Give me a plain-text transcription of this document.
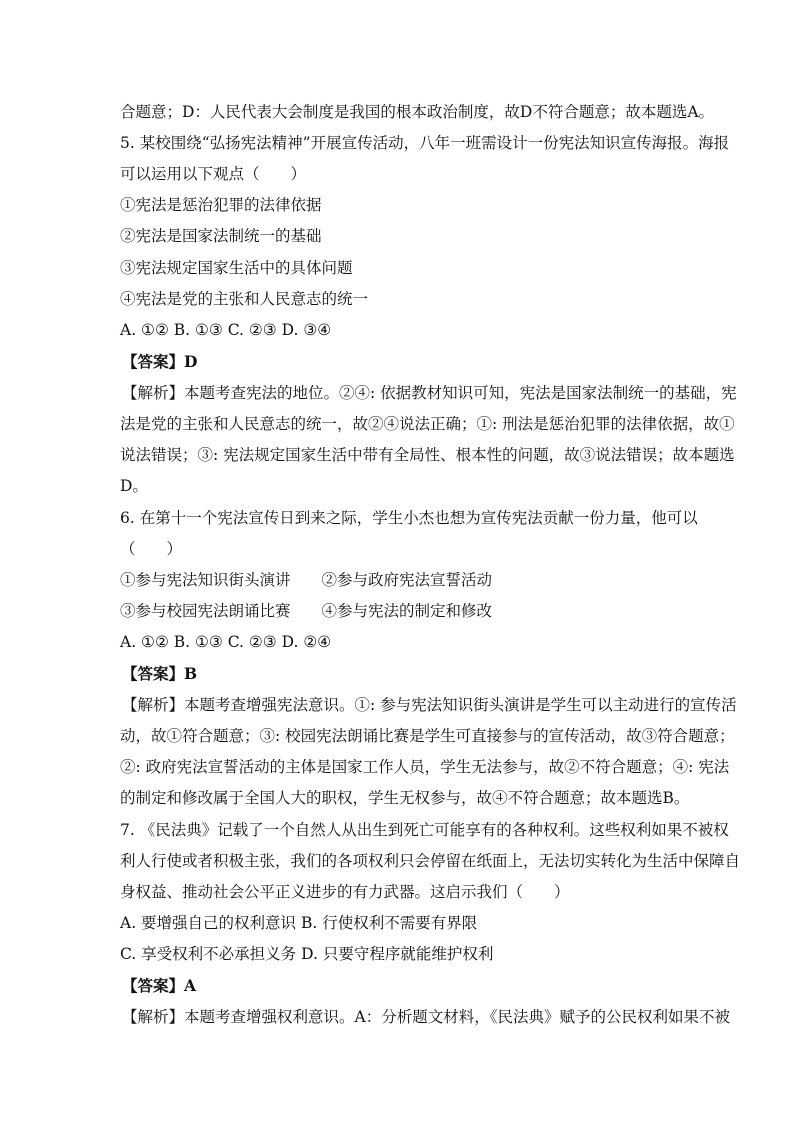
合题意；D：人民代表大会制度是我国的根本政治制度，故D不符合题意；故本题选A。
5. 某校围绕“弘扬宪法精神”开展宣传活动，八年一班需设计一份宪法知识宣传海报。海报
可以运用以下观点（　　）
①宪法是惩治犯罪的法律依据
②宪法是国家法制统一的基础
③宪法规定国家生活中的具体问题
④宪法是党的主张和人民意志的统一
A. ①② B. ①③ C. ②③ D. ③④
【答案】D
【解析】本题考查宪法的地位。②④: 依据教材知识可知，宪法是国家法制统一的基础，宪
法是党的主张和人民意志的统一，故②④说法正确；①: 刑法是惩治犯罪的法律依据，故①
说法错误；③: 宪法规定国家生活中带有全局性、根本性的问题，故③说法错误；故本题选
D。
6. 在第十一个宪法宣传日到来之际，学生小杰也想为宣传宪法贡献一份力量，他可以
（　　）
①参与宪法知识街头演讲　　②参与政府宪法宣誓活动
③参与校园宪法朗诵比赛　　④参与宪法的制定和修改
A. ①② B. ①③ C. ②③ D. ②④
【答案】B
【解析】本题考查增强宪法意识。①: 参与宪法知识街头演讲是学生可以主动进行的宣传活
动，故①符合题意；③: 校园宪法朗诵比赛是学生可直接参与的宣传活动，故③符合题意；
②: 政府宪法宣誓活动的主体是国家工作人员，学生无法参与，故②不符合题意；④: 宪法
的制定和修改属于全国人大的职权，学生无权参与，故④不符合题意；故本题选B。
7. 《民法典》记载了一个自然人从出生到死亡可能享有的各种权利。这些权利如果不被权
利人行使或者积极主张，我们的各项权利只会停留在纸面上，无法切实转化为生活中保障自
身权益、推动社会公平正义进步的有力武器。这启示我们（　　）
A. 要增强自己的权利意识 B. 行使权利不需要有界限
C. 享受权利不必承担义务 D. 只要守程序就能维护权利
【答案】A
【解析】本题考查增强权利意识。A：分析题文材料，《民法典》赋予的公民权利如果不被
